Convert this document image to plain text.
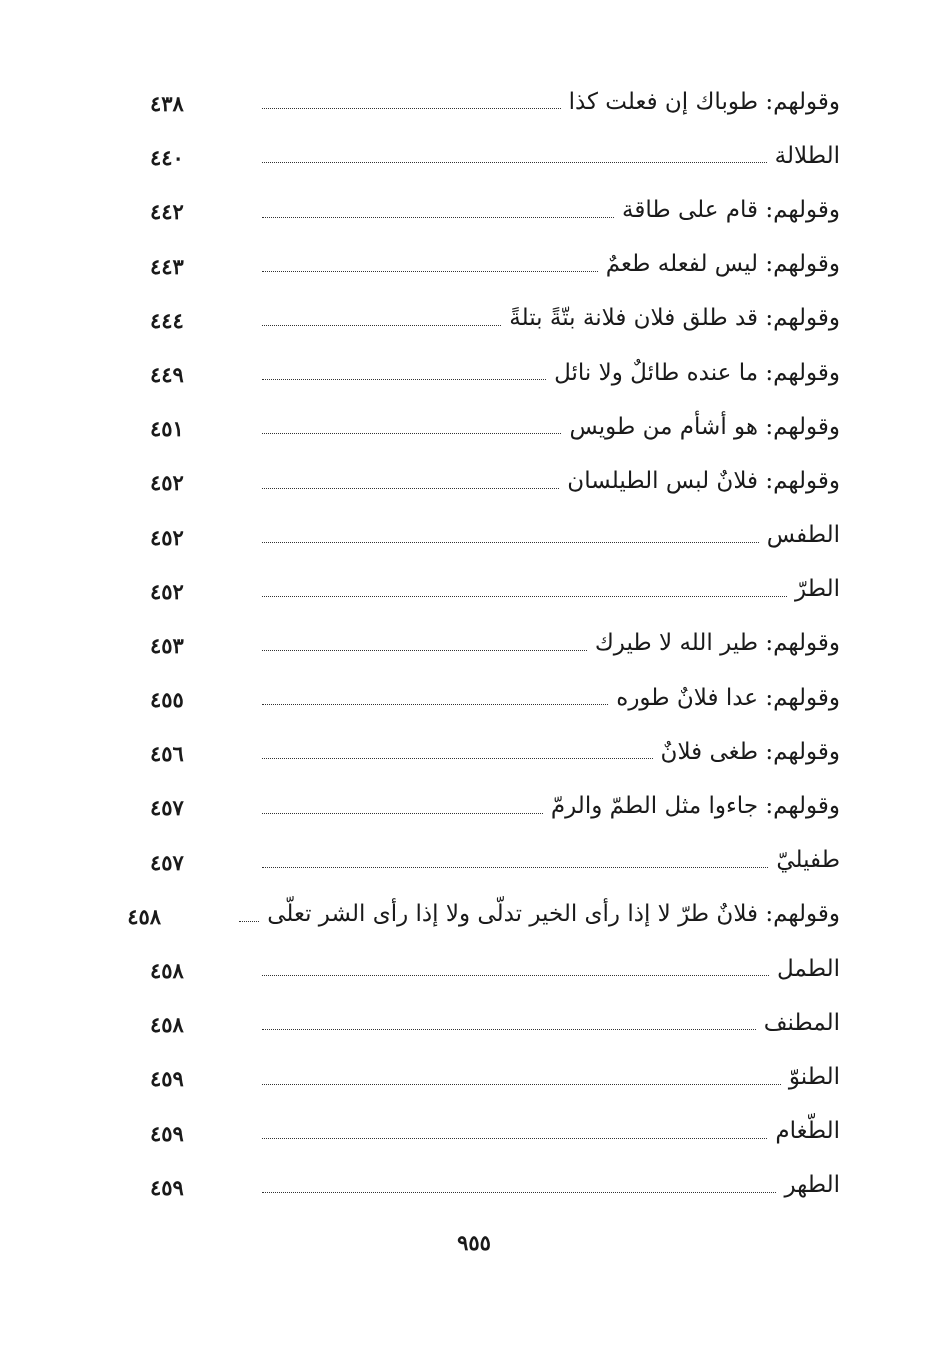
وقولهم: طوباك إن فعلت كذا
٤٣٨
الطلالة
٤٤٠
وقولهم: قام على طاقة
٤٤٢
وقولهم: ليس لفعله طعمٌ
٤٤٣
وقولهم: قد طلق فلان فلانة بتّةً بتلةً
٤٤٤
وقولهم: ما عنده طائلٌ ولا نائل
٤٤٩
وقولهم: هو أشأم من طويس
٤٥١
وقولهم: فلانٌ لبس الطيلسان
٤٥٢
الطفس
٤٥٢
الطرّ
٤٥٢
وقولهم: طير الله لا طيرك
٤٥٣
وقولهم: عدا فلانٌ طوره
٤٥٥
وقولهم: طغى فلانٌ
٤٥٦
وقولهم: جاءوا مثل الطمّ والرمّ
٤٥٧
طفيليّ
٤٥٧
وقولهم: فلانٌ طرّ لا إذا رأى الخير تدلّى ولا إذا رأى الشر تعلّى
٤٥٨
الطمل
٤٥٨
المطنف
٤٥٨
الطنوّ
٤٥٩
الطّغام
٤٥٩
الطهر
٤٥٩
٩٥٥
